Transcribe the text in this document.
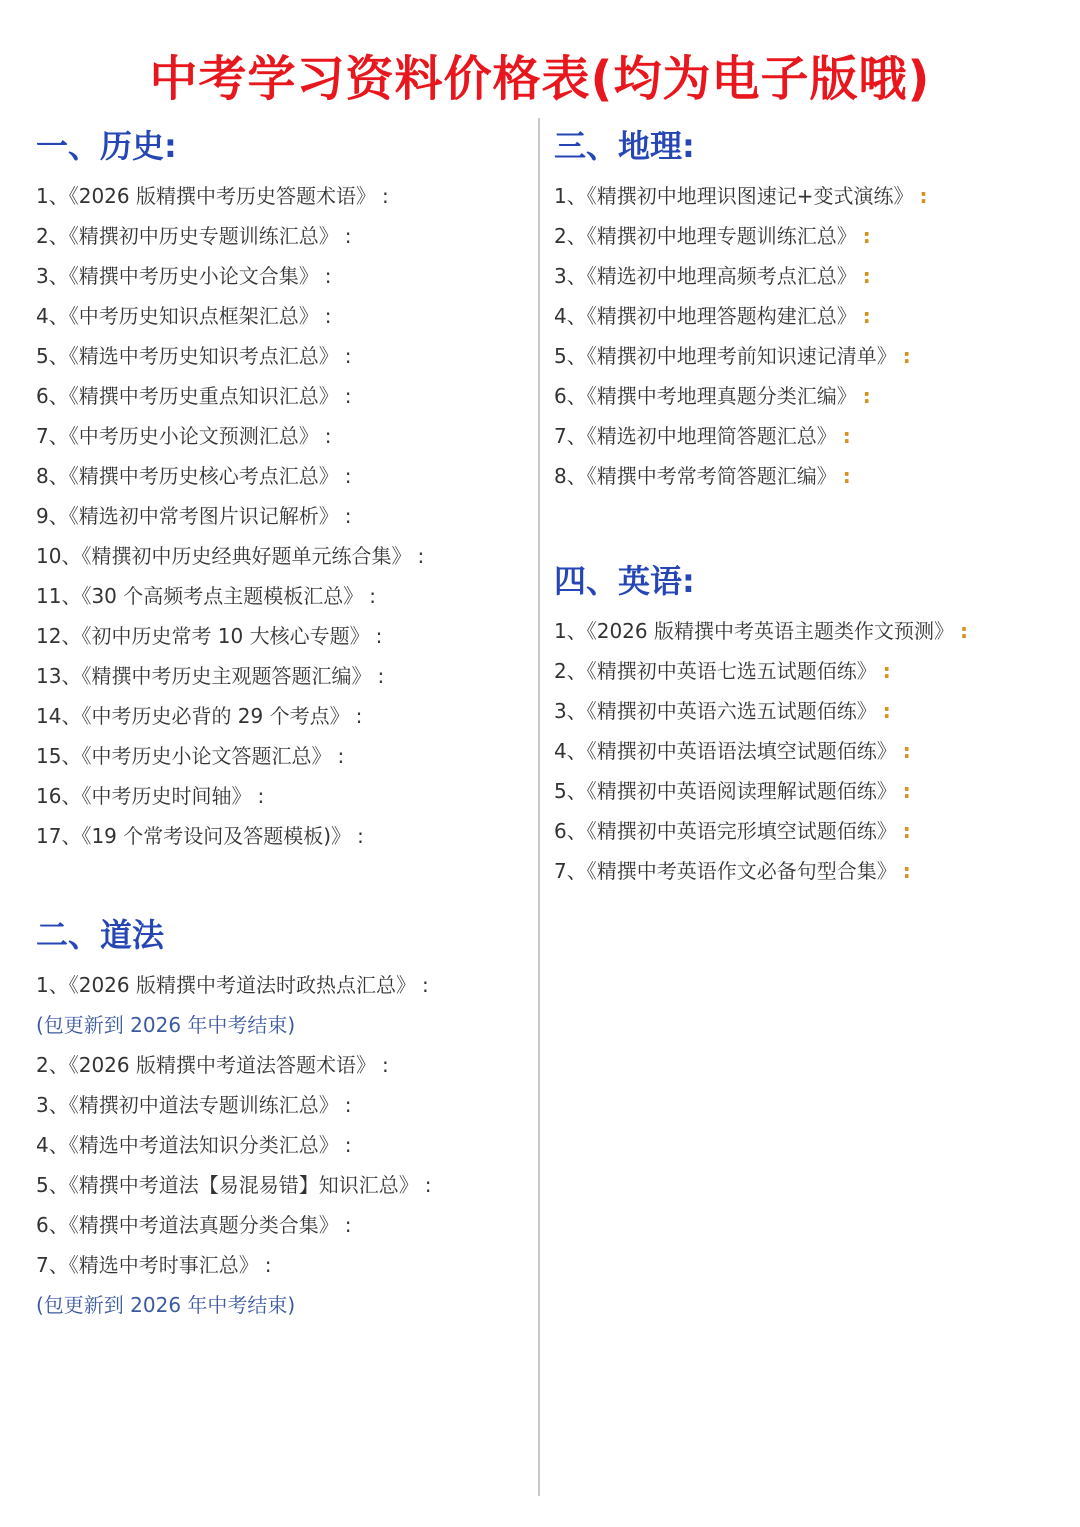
中考学习资料价格表(均为电子版哦)
一、历史:
1、《2026 版精撰中考历史答题术语》 :
2、《精撰初中历史专题训练汇总》 :
3、《精撰中考历史小论文合集》 :
4、《中考历史知识点框架汇总》 :
5、《精选中考历史知识考点汇总》 :
6、《精撰中考历史重点知识汇总》 :
7、《中考历史小论文预测汇总》 :
8、《精撰中考历史核心考点汇总》 :
9、《精选初中常考图片识记解析》 :
10、《精撰初中历史经典好题单元练合集》 :
11、《30 个高频考点主题模板汇总》 :
12、《初中历史常考 10 大核心专题》 :
13、《精撰中考历史主观题答题汇编》 :
14、《中考历史必背的 29 个考点》 :
15、《中考历史小论文答题汇总》 :
16、《中考历史时间轴》 :
17、《19 个常考设问及答题模板)》 :
二、道法
1、《2026 版精撰中考道法时政热点汇总》 :
(包更新到 2026 年中考结束)
2、《2026 版精撰中考道法答题术语》 :
3、《精撰初中道法专题训练汇总》 :
4、《精选中考道法知识分类汇总》 :
5、《精撰中考道法【易混易错】知识汇总》 :
6、《精撰中考道法真题分类合集》 :
7、《精选中考时事汇总》 :
(包更新到 2026 年中考结束)
三、地理:
1、《精撰初中地理识图速记+变式演练》 :
2、《精撰初中地理专题训练汇总》 :
3、《精选初中地理高频考点汇总》 :
4、《精撰初中地理答题构建汇总》 :
5、《精撰初中地理考前知识速记清单》 :
6、《精撰中考地理真题分类汇编》 :
7、《精选初中地理简答题汇总》 :
8、《精撰中考常考简答题汇编》 :
四、英语:
1、《2026 版精撰中考英语主题类作文预测》 :
2、《精撰初中英语七选五试题佰练》 :
3、《精撰初中英语六选五试题佰练》 :
4、《精撰初中英语语法填空试题佰练》 :
5、《精撰初中英语阅读理解试题佰练》 :
6、《精撰初中英语完形填空试题佰练》 :
7、《精撰中考英语作文必备句型合集》 :
